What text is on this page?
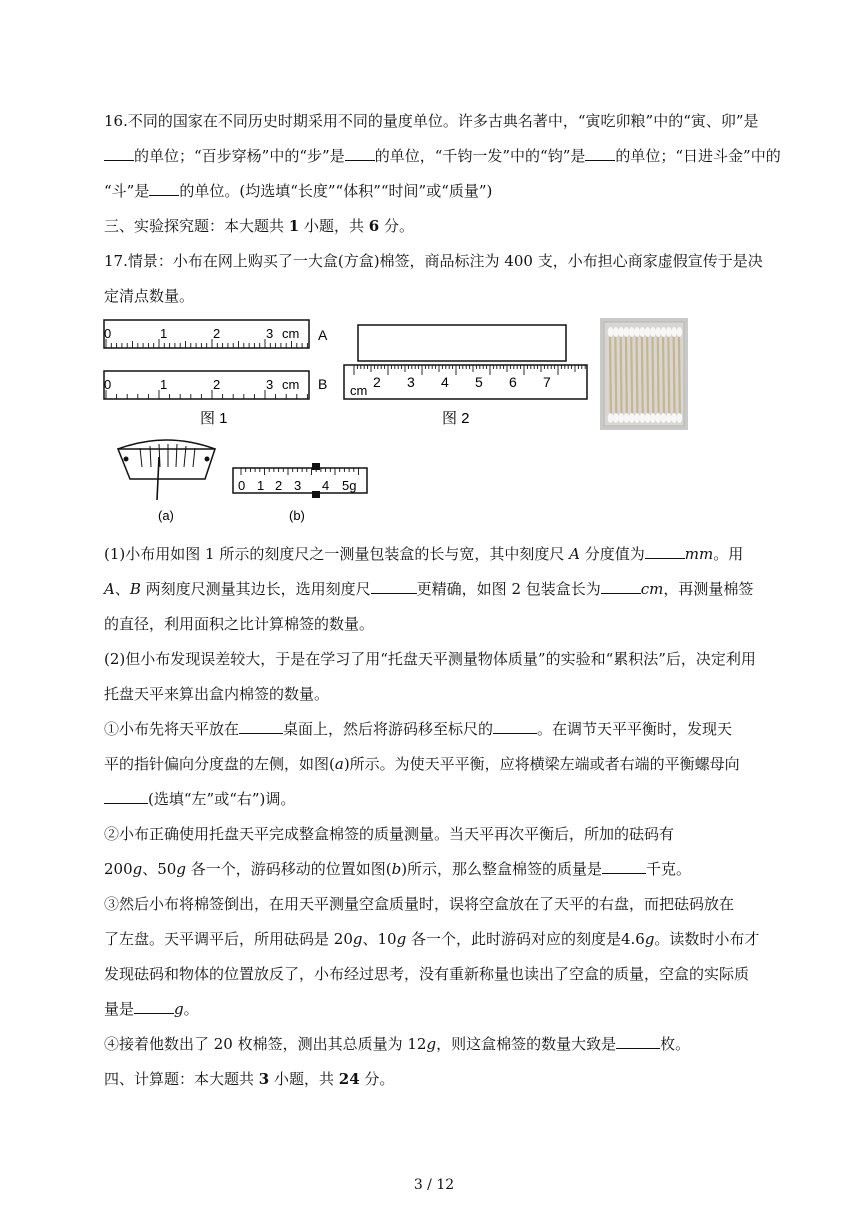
16.不同的国家在不同历史时期采用不同的量度单位。许多古典名著中，“寅吃卯粮”中的“寅、卯”是
的单位；“百步穿杨”中的“步”是 的单位，“千钧一发”中的“钧”是 的单位；“日进斗金”中的
“斗”是 的单位。(均选填“长度”“体积”“时间”或“质量”)
三、实验探究题：本大题共 1 小题，共 6 分。
17.情景：小布在网上购买了一大盒(方盒)棉签，商品标注为 400 支，小布担心商家虚假宣传于是决
定清点数量。
0	1	2	3 cm A
0	1	2	3 cm B
图 1
cm
2 3 4 5 6 7
图 2
(a)
0 1 2 3 4 5g
(b)
(1)小布用如图 1 所示的刻度尺之一测量包装盒的长与宽，其中刻度尺 A 分度值为	mm。用
A、B 两刻度尺测量其边长，选用刻度尺	更精确，如图 2 包装盒长为	cm，再测量棉签
的直径，利用面积之比计算棉签的数量。
(2)但小布发现误差较大，于是在学习了用“托盘天平测量物体质量”的实验和“累积法”后，决定利用
托盘天平来算出盒内棉签的数量。
①小布先将天平放在	桌面上，然后将游码移至标尺的	。在调节天平平衡时，发现天
平的指针偏向分度盘的左侧，如图(a)所示。为使天平平衡，应将横梁左端或者右端的平衡螺母向
(选填“左”或“右”)调。
②小布正确使用托盘天平完成整盒棉签的质量测量。当天平再次平衡后，所加的砝码有
200g、50g 各一个，游码移动的位置如图(b)所示，那么整盒棉签的质量是	千克。
③然后小布将棉签倒出，在用天平测量空盒质量时，误将空盒放在了天平的右盘，而把砝码放在
了左盘。天平调平后，所用砝码是 20g、10g 各一个，此时游码对应的刻度是4.6g。读数时小布才
发现砝码和物体的位置放反了，小布经过思考，没有重新称量也读出了空盒的质量，空盒的实际质
量是	g。
④接着他数出了 20 枚棉签，测出其总质量为 12g，则这盒棉签的数量大致是	枚。
四、计算题：本大题共 3 小题，共 24 分。
3 / 12
